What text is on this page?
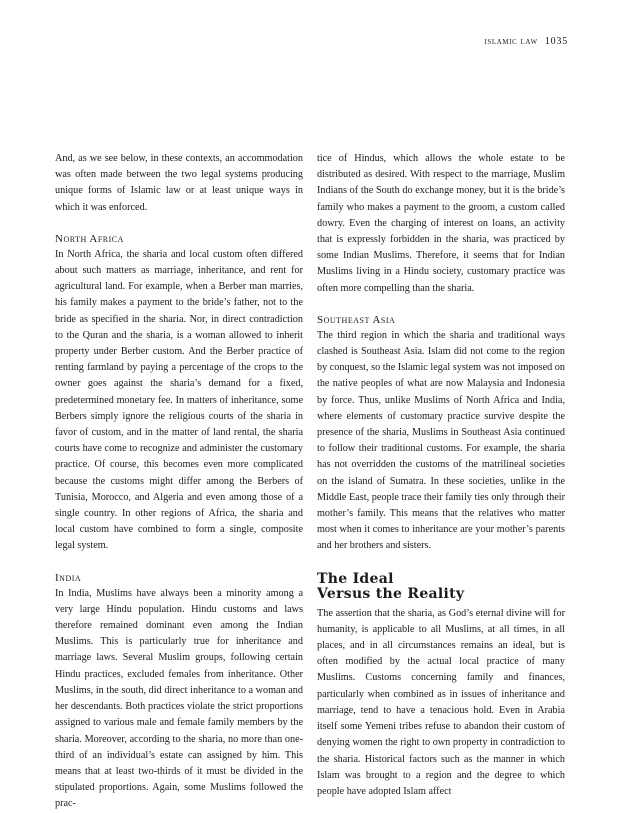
islamic law 1035

And, as we see below, in these contexts, an accommodation was often made between the two legal systems producing unique forms of Islamic law or at least unique ways in which it was enforced.

North Africa

In North Africa, the sharia and local custom often differed about such matters as marriage, inheritance, and rent for agricultural land. For example, when a Berber man marries, his family makes a payment to the bride’s father, not to the bride as specified in the sharia. Nor, in direct contradiction to the Quran and the sharia, is a woman allowed to inherit property under Berber custom. And the Berber practice of renting farmland by paying a percentage of the crops to the owner goes against the sharia’s demand for a fixed, predetermined monetary fee. In matters of inheritance, some Berbers simply ignore the religious courts of the sharia in favor of custom, and in the matter of land rental, the sharia courts have come to recognize and administer the customary practice. Of course, this becomes even more complicated because the customs might differ among the Berbers of Tunisia, Morocco, and Algeria and even among those of a single country. In other regions of Africa, the sharia and local custom have combined to form a single, composite legal system.

India

In India, Muslims have always been a minority among a very large Hindu population. Hindu customs and laws therefore remained dominant even among the Indian Muslims. This is particularly true for inheritance and marriage laws. Several Muslim groups, following certain Hindu practices, excluded females from inheritance. Other Muslims, in the south, did direct inheritance to a woman and her descendants. Both practices violate the strict proportions assigned to various male and female family members by the sharia. Moreover, according to the sharia, no more than one-third of an individual’s estate can assigned by him. This means that at least two-thirds of it must be divided in the stipulated proportions. Again, some Muslims followed the prac-

tice of Hindus, which allows the whole estate to be distributed as desired. With respect to the marriage, Muslim Indians of the South do exchange money, but it is the bride’s family who makes a payment to the groom, a custom called dowry. Even the charging of interest on loans, an activity that is expressly forbidden in the sharia, was practiced by some Indian Muslims. Therefore, it seems that for Indian Muslims living in a Hindu society, customary practice was often more compelling than the sharia.

Southeast Asia

The third region in which the sharia and traditional ways clashed is Southeast Asia. Islam did not come to the region by conquest, so the Islamic legal system was not imposed on the native peoples of what are now Malaysia and Indonesia by force. Thus, unlike Muslims of North Africa and India, where elements of customary practice survive despite the presence of the sharia, Muslims in Southeast Asia continued to follow their traditional customs. For example, the sharia has not overridden the customs of the matrilineal societies on the island of Sumatra. In these societies, unlike in the Middle East, people trace their family ties only through their mother’s family. This means that the relatives who matter most when it comes to inheritance are your mother’s parents and her brothers and sisters.

The Ideal
Versus the Reality

The assertion that the sharia, as God’s eternal divine will for humanity, is applicable to all Muslims, at all times, in all places, and in all circumstances remains an ideal, but is often modified by the actual local practice of many Muslims. Customs concerning family and finances, particularly when combined as in issues of inheritance and marriage, tend to have a tenacious hold. Even in Arabia itself some Yemeni tribes refuse to abandon their custom of denying women the right to own property in contradiction to the sharia. Historical factors such as the manner in which Islam was brought to a region and the degree to which people have adopted Islam affect
